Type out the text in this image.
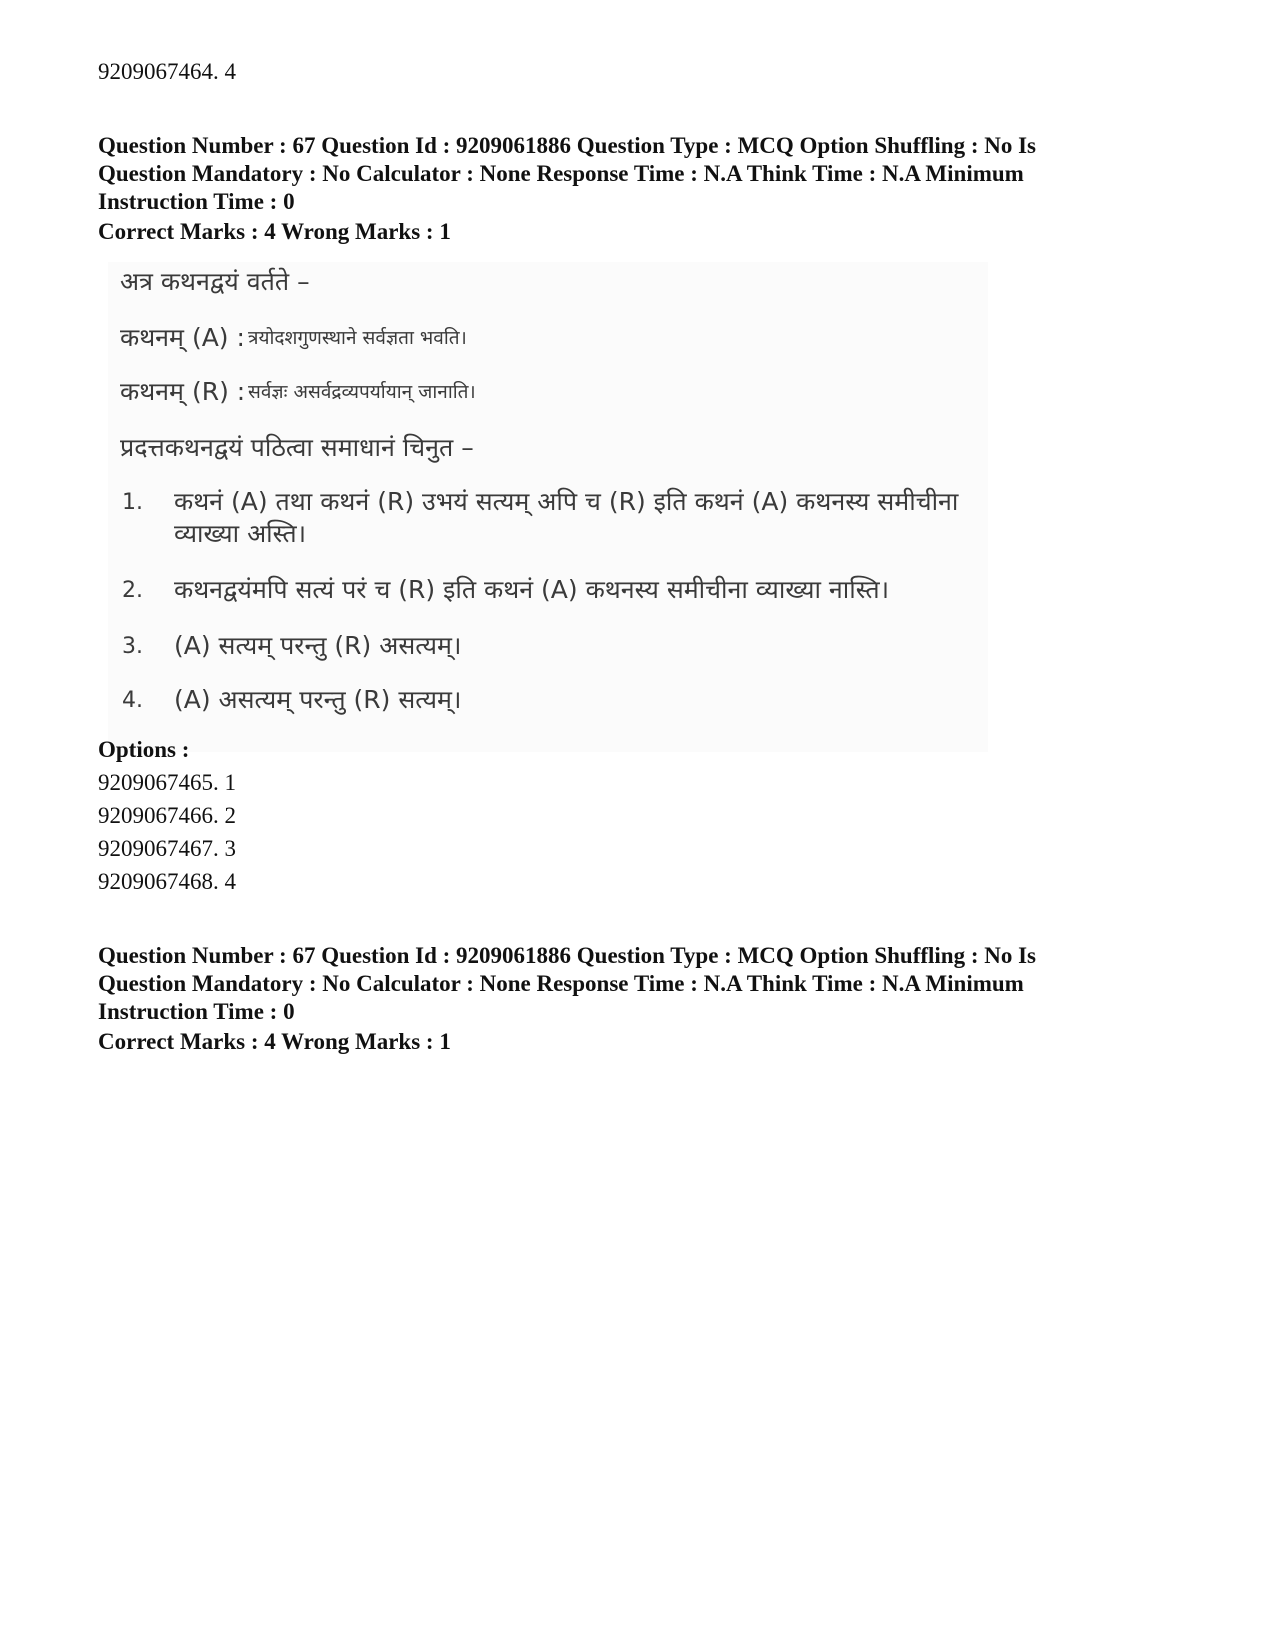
9209067464. 4
Question Number : 67 Question Id : 9209061886 Question Type : MCQ Option Shuffling : No Is
Question Mandatory : No Calculator : None Response Time : N.A Think Time : N.A Minimum
Instruction Time : 0
Correct Marks : 4 Wrong Marks : 1
अत्र कथनद्वयं वर्तते –
कथनम् (A) : त्रयोदशगुणस्थाने सर्वज्ञता भवति।
कथनम् (R) : सर्वज्ञः असर्वद्रव्यपर्यायान् जानाति।
प्रदत्तकथनद्वयं पठित्वा समाधानं चिनुत –
1. कथनं (A) तथा कथनं (R) उभयं सत्यम् अपि च (R) इति कथनं (A) कथनस्य समीचीना
व्याख्या अस्ति।
2. कथनद्वयंमपि सत्यं परं च (R) इति कथनं (A) कथनस्य समीचीना व्याख्या नास्ति।
3. (A) सत्यम् परन्तु (R) असत्यम्।
4. (A) असत्यम् परन्तु (R) सत्यम्।
Options :
9209067465. 1
9209067466. 2
9209067467. 3
9209067468. 4
Question Number : 67 Question Id : 9209061886 Question Type : MCQ Option Shuffling : No Is
Question Mandatory : No Calculator : None Response Time : N.A Think Time : N.A Minimum
Instruction Time : 0
Correct Marks : 4 Wrong Marks : 1
